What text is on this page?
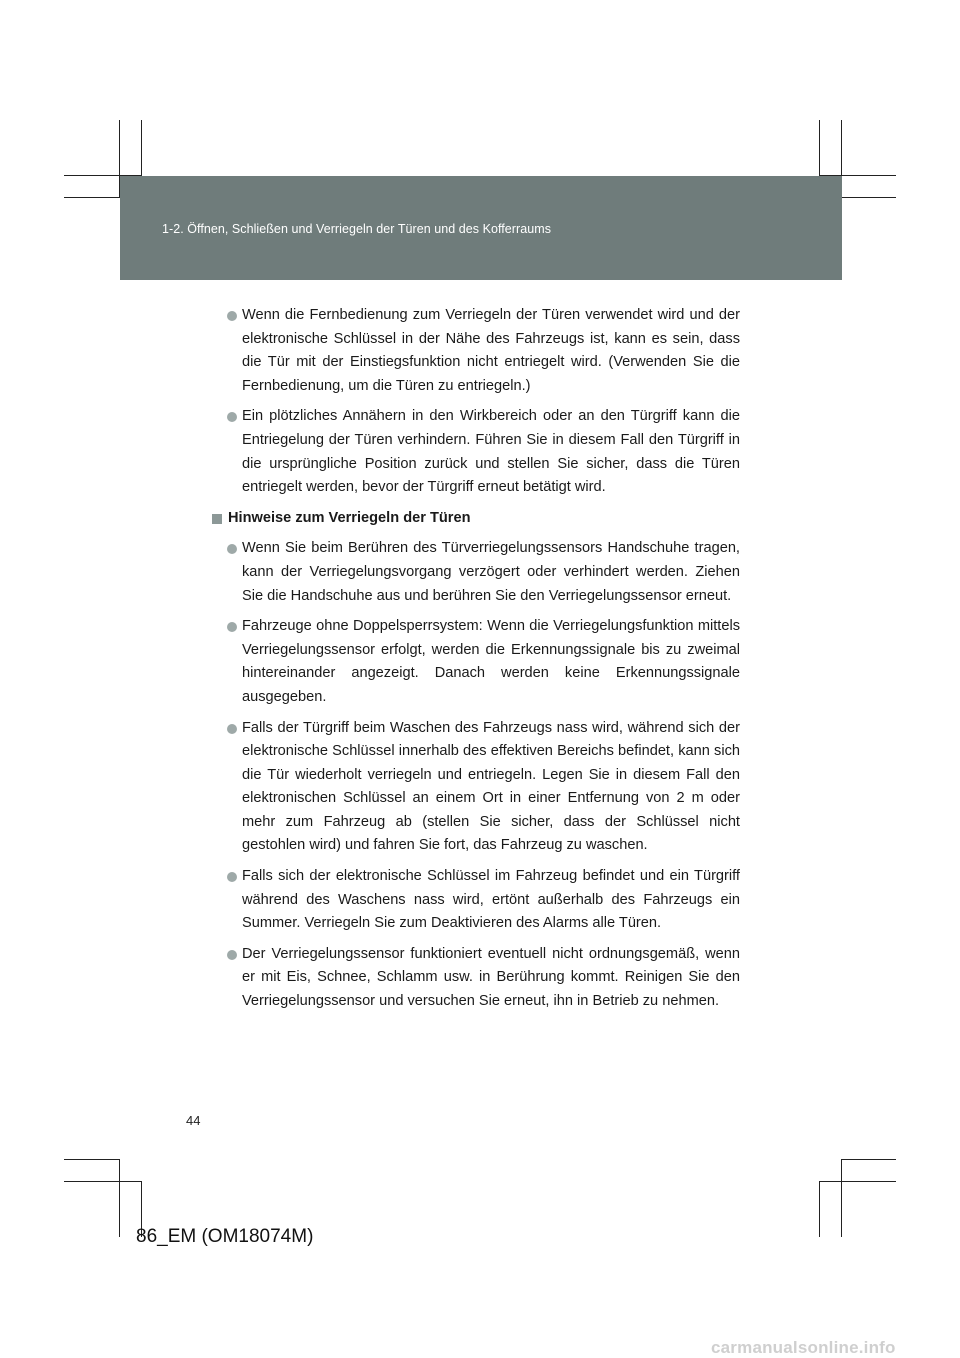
1-2. Öffnen, Schließen und Verriegeln der Türen und des Kofferraums
Wenn die Fernbedienung zum Verriegeln der Türen verwendet wird und der elektronische Schlüssel in der Nähe des Fahrzeugs ist, kann es sein, dass die Tür mit der Einstiegsfunktion nicht entriegelt wird. (Verwenden Sie die Fernbedienung, um die Türen zu entriegeln.)
Ein plötzliches Annähern in den Wirkbereich oder an den Türgriff kann die Entriegelung der Türen verhindern. Führen Sie in diesem Fall den Türgriff in die ursprüngliche Position zurück und stellen Sie sicher, dass die Türen entriegelt werden, bevor der Türgriff erneut betätigt wird.
Hinweise zum Verriegeln der Türen
Wenn Sie beim Berühren des Türverriegelungssensors Handschuhe tragen, kann der Verriegelungsvorgang verzögert oder verhindert werden. Ziehen Sie die Handschuhe aus und berühren Sie den Verriegelungssensor erneut.
Fahrzeuge ohne Doppelsperrsystem: Wenn die Verriegelungsfunktion mittels Verriegelungssensor erfolgt, werden die Erkennungssignale bis zu zweimal hintereinander angezeigt. Danach werden keine Erkennungssignale ausgegeben.
Falls der Türgriff beim Waschen des Fahrzeugs nass wird, während sich der elektronische Schlüssel innerhalb des effektiven Bereichs befindet, kann sich die Tür wiederholt verriegeln und entriegeln. Legen Sie in diesem Fall den elektronischen Schlüssel an einem Ort in einer Entfernung von 2 m oder mehr zum Fahrzeug ab (stellen Sie sicher, dass der Schlüssel nicht gestohlen wird) und fahren Sie fort, das Fahrzeug zu waschen.
Falls sich der elektronische Schlüssel im Fahrzeug befindet und ein Türgriff während des Waschens nass wird, ertönt außerhalb des Fahrzeugs ein Summer. Verriegeln Sie zum Deaktivieren des Alarms alle Türen.
Der Verriegelungssensor funktioniert eventuell nicht ordnungsgemäß, wenn er mit Eis, Schnee, Schlamm usw. in Berührung kommt. Reinigen Sie den Verriegelungssensor und versuchen Sie erneut, ihn in Betrieb zu nehmen.
44
86_EM (OM18074M)
carmanualsonline.info
